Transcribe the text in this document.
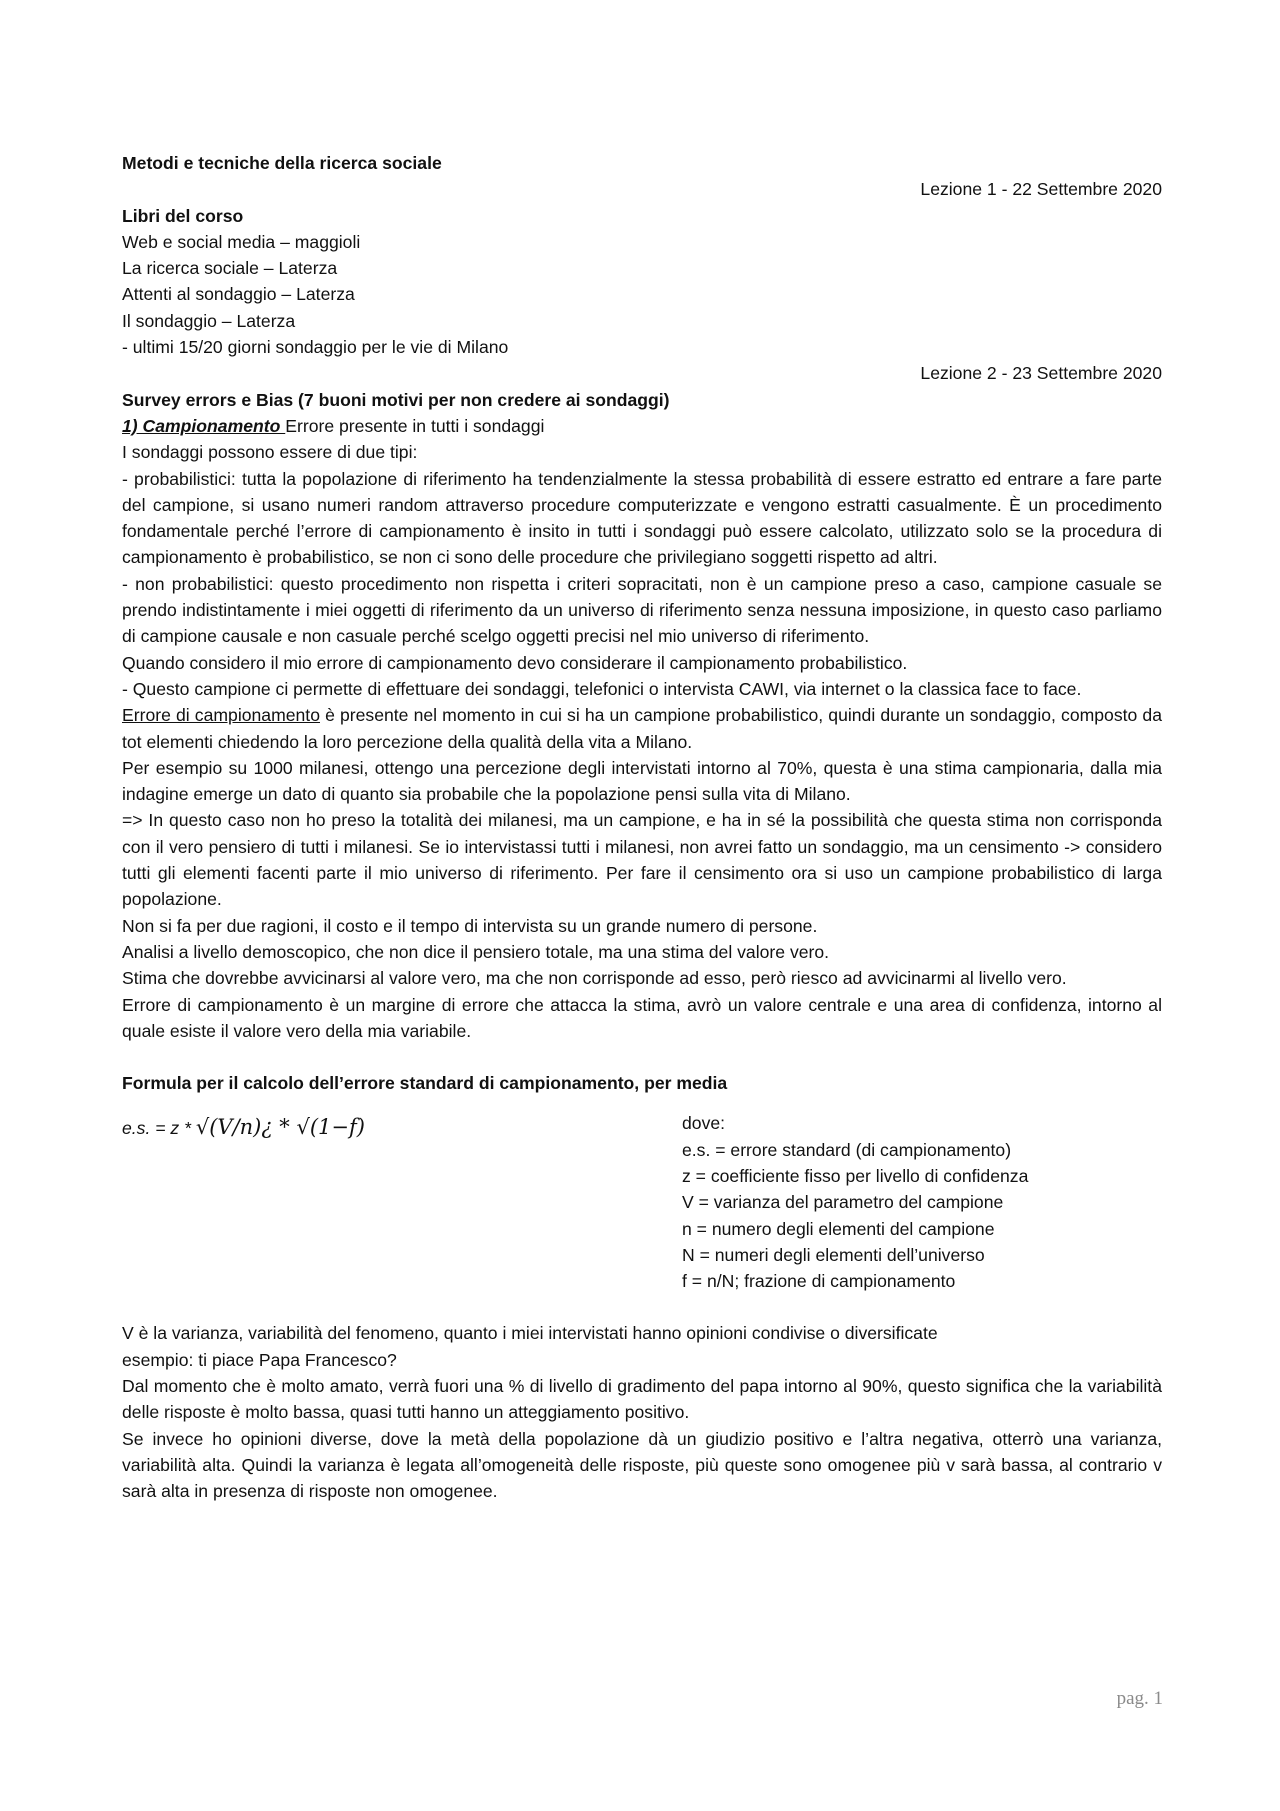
Metodi e tecniche della ricerca sociale

Lezione 1 - 22 Settembre 2020

Libri del corso

Web e social media – maggioli

La ricerca sociale – Laterza

Attenti al sondaggio – Laterza

Il sondaggio – Laterza

- ultimi 15/20 giorni sondaggio per le vie di Milano

Lezione 2 - 23 Settembre 2020

Survey errors e Bias (7 buoni motivi per non credere ai sondaggi)

1) Campionamento Errore presente in tutti i sondaggi

I sondaggi possono essere di due tipi:

- probabilistici: tutta la popolazione di riferimento ha tendenzialmente la stessa probabilità di essere estratto ed entrare a fare parte del campione, si usano numeri random attraverso procedure computerizzate e vengono estratti casualmente. È un procedimento fondamentale perché l’errore di campionamento è insito in tutti i sondaggi può essere calcolato, utilizzato solo se la procedura di campionamento è probabilistico, se non ci sono delle procedure che privilegiano soggetti rispetto ad altri.

- non probabilistici: questo procedimento non rispetta i criteri sopracitati, non è un campione preso a caso, campione casuale se prendo indistintamente i miei oggetti di riferimento da un universo di riferimento senza nessuna imposizione, in questo caso parliamo di campione causale e non casuale perché scelgo oggetti precisi nel mio universo di riferimento.

Quando considero il mio errore di campionamento devo considerare il campionamento probabilistico.

- Questo campione ci permette di effettuare dei sondaggi, telefonici o intervista CAWI, via internet o la classica face to face.

Errore di campionamento è presente nel momento in cui si ha un campione probabilistico, quindi durante un sondaggio, composto da tot elementi chiedendo la loro percezione della qualità della vita a Milano.

Per esempio su 1000 milanesi, ottengo una percezione degli intervistati intorno al 70%, questa è una stima campionaria, dalla mia indagine emerge un dato di quanto sia probabile che la popolazione pensi sulla vita di Milano.

=> In questo caso non ho preso la totalità dei milanesi, ma un campione, e ha in sé la possibilità che questa stima non corrisponda con il vero pensiero di tutti i milanesi. Se io intervistassi tutti i milanesi, non avrei fatto un sondaggio, ma un censimento -> considero tutti gli elementi facenti parte il mio universo di riferimento. Per fare il censimento ora si uso un campione probabilistico di larga popolazione.

Non si fa per due ragioni, il costo e il tempo di intervista su un grande numero di persone.

Analisi a livello demoscopico, che non dice il pensiero totale, ma una stima del valore vero.

Stima che dovrebbe avvicinarsi al valore vero, ma che non corrisponde ad esso, però riesco ad avvicinarmi al livello vero.

Errore di campionamento è un margine di errore che attacca la stima, avrò un valore centrale e una area di confidenza, intorno al quale esiste il valore vero della mia variabile.

Formula per il calcolo dell’errore standard di campionamento, per media

e.s. = z * √(V/n)¿ * √(1−f)	dove:

e.s. = errore standard (di campionamento)

z = coefficiente fisso per livello di confidenza

V = varianza del parametro del campione

n = numero degli elementi del campione

N = numeri degli elementi dell’universo

f = n/N; frazione di campionamento

V è la varianza, variabilità del fenomeno, quanto i miei intervistati hanno opinioni condivise o diversificate

esempio: ti piace Papa Francesco?

Dal momento che è molto amato, verrà fuori una % di livello di gradimento del papa intorno al 90%, questo significa che la variabilità delle risposte è molto bassa, quasi tutti hanno un atteggiamento positivo.

Se invece ho opinioni diverse, dove la metà della popolazione dà un giudizio positivo e l’altra negativa, otterrò una varianza, variabilità alta. Quindi la varianza è legata all’omogeneità delle risposte, più queste sono omogenee più v sarà bassa, al contrario v sarà alta in presenza di risposte non omogenee.

pag. 1
